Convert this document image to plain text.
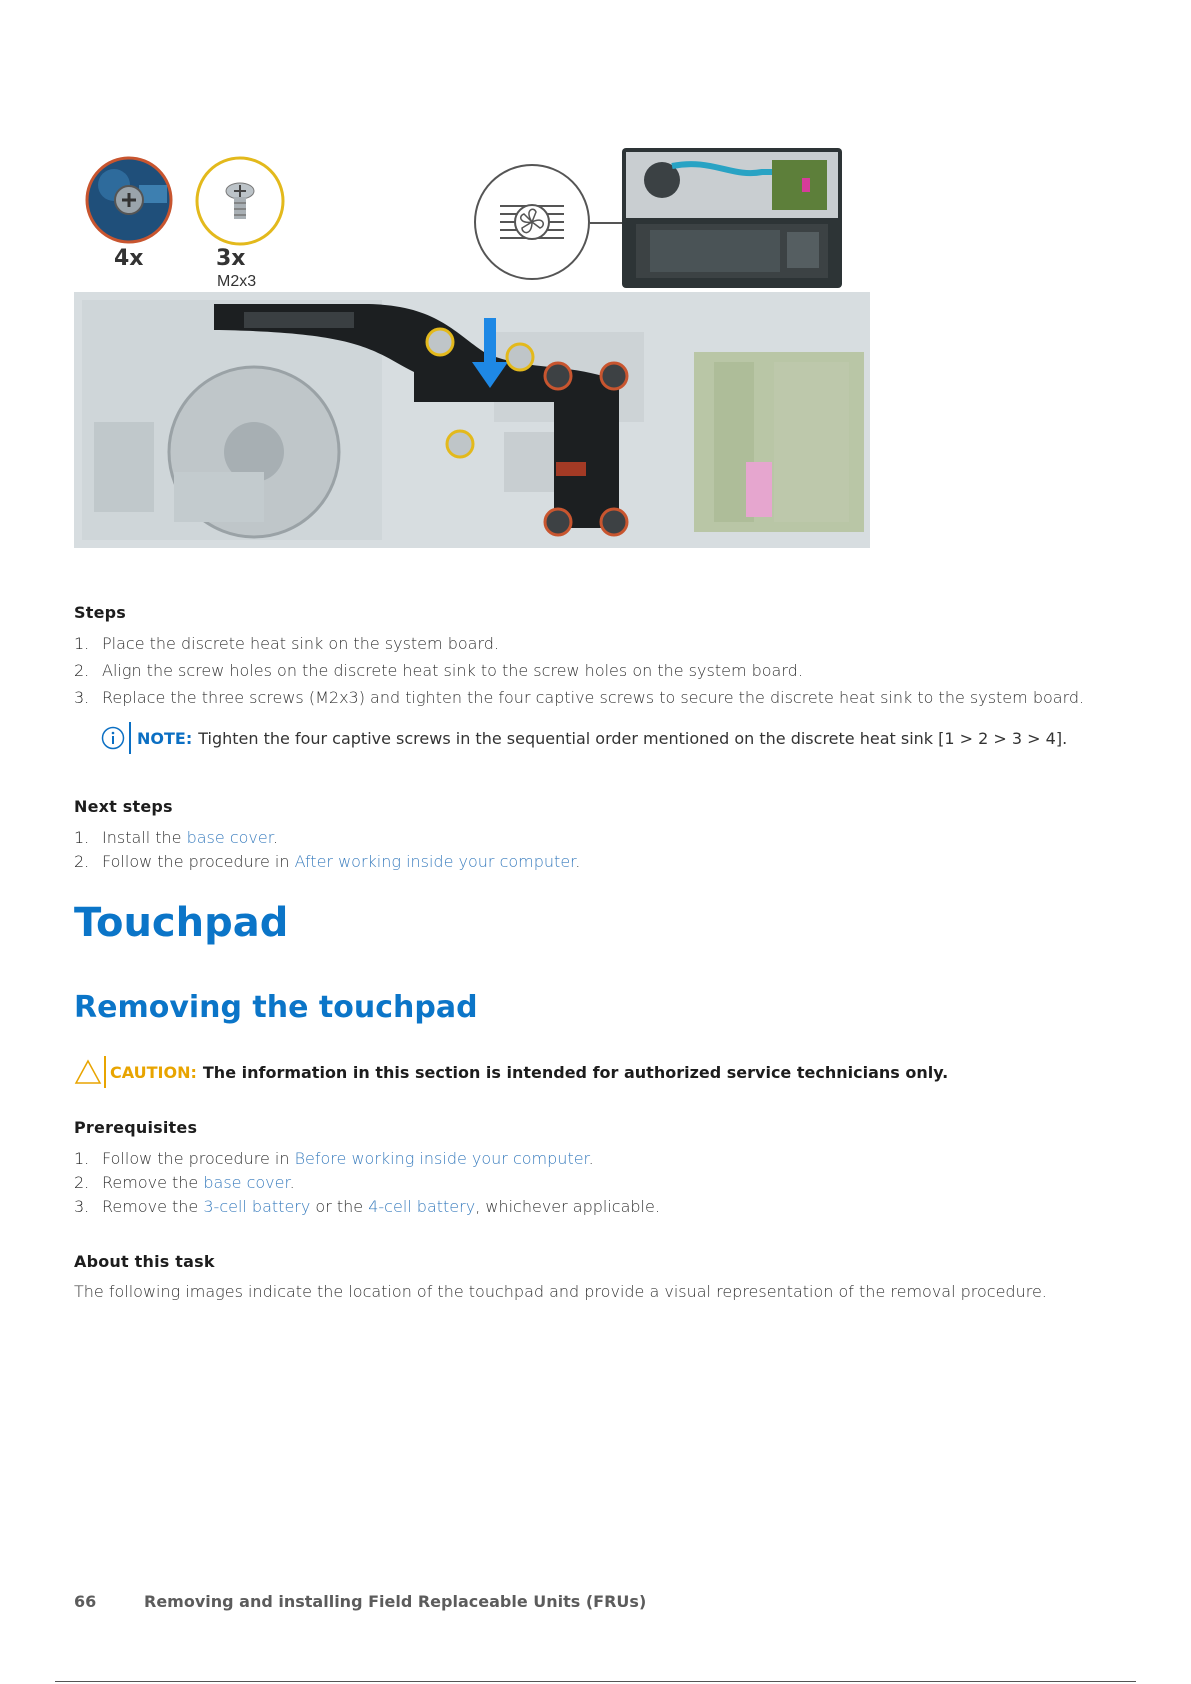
4x	3x
M2x3
Steps
1. Place the discrete heat sink on the system board.
2. Align the screw holes on the discrete heat sink to the screw holes on the system board.
3. Replace the three screws (M2x3) and tighten the four captive screws to secure the discrete heat sink to the system board.
NOTE: Tighten the four captive screws in the sequential order mentioned on the discrete heat sink [1 > 2 > 3 > 4].
Next steps
1. Install the base cover.
2. Follow the procedure in After working inside your computer.
Touchpad
Removing the touchpad
CAUTION: The information in this section is intended for authorized service technicians only.
Prerequisites
1. Follow the procedure in Before working inside your computer.
2. Remove the base cover.
3. Remove the 3-cell battery or the 4-cell battery, whichever applicable.
About this task
The following images indicate the location of the touchpad and provide a visual representation of the removal procedure.
66	Removing and installing Field Replaceable Units (FRUs)
